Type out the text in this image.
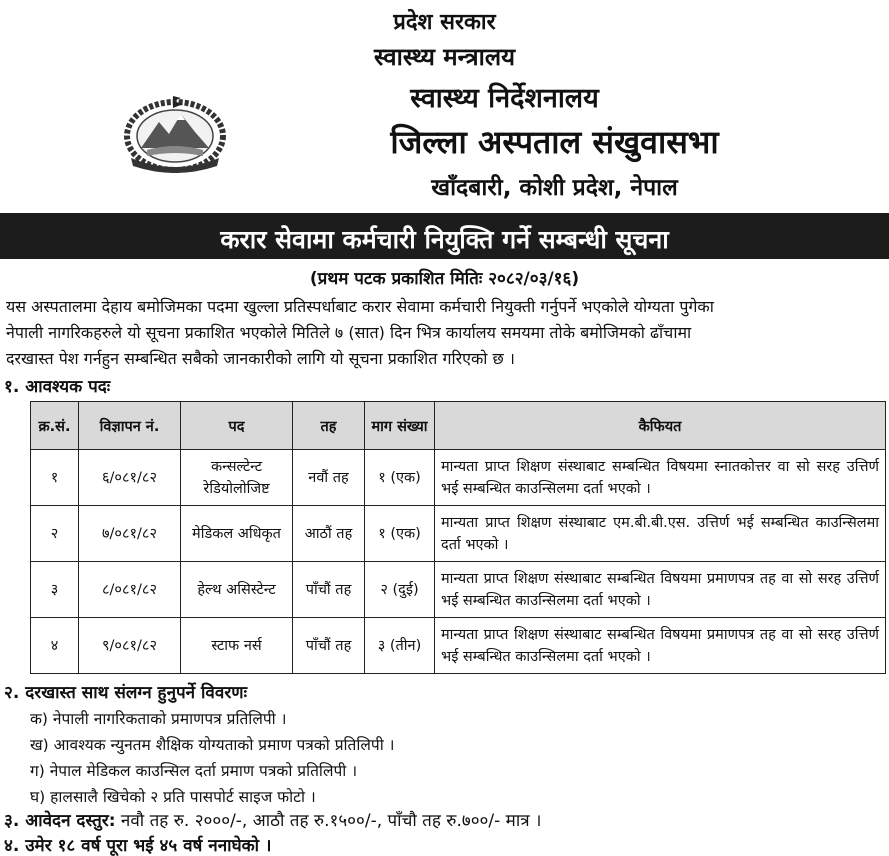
प्रदेश सरकार
स्वास्थ्य मन्त्रालय
स्वास्थ्य निर्देशनालय
जिल्ला अस्पताल संखुवासभा
खाँदबारी, कोशी प्रदेश, नेपाल
करार सेवामा कर्मचारी नियुक्ति गर्ने सम्बन्धी सूचना
(प्रथम पटक प्रकाशित मितिः २०८२/०३/१६)
यस अस्पतालमा देहाय बमोजिमका पदमा खुल्ला प्रतिस्पर्धाबाट करार सेवामा कर्मचारी नियुक्ती गर्नुपर्ने भएकोले योग्यता पुगेका
नेपाली नागरिकहरुले यो सूचना प्रकाशित भएकोले मितिले ७ (सात) दिन भित्र कार्यालय समयमा तोके बमोजिमको ढाँचामा
दरखास्त पेश गर्नहुन सम्बन्धित सबैको जानकारीको लागि यो सूचना प्रकाशित गरिएको छ ।
१. आवश्यक पदः
क्र.सं.	विज्ञापन नं.	पद	तह	माग संख्या	कैफियत
१	६/०८१/८२	कन्सल्टेन्ट रेडियोलोजिष्ट	नवौं तह	१ (एक)	मान्यता प्राप्त शिक्षण संस्थाबाट सम्बन्धित विषयमा स्नातकोत्तर वा सो सरह उत्तिर्ण भई सम्बन्धित काउन्सिलमा दर्ता भएको ।
२	७/०८१/८२	मेडिकल अधिकृत	आठौं तह	१ (एक)	मान्यता प्राप्त शिक्षण संस्थाबाट एम.बी.बी.एस. उत्तिर्ण भई सम्बन्धित काउन्सिलमा दर्ता भएको ।
३	८/०८१/८२	हेल्थ असिस्टेन्ट	पाँचौं तह	२ (दुई)	मान्यता प्राप्त शिक्षण संस्थाबाट सम्बन्धित विषयमा प्रमाणपत्र तह वा सो सरह उत्तिर्ण भई सम्बन्धित काउन्सिलमा दर्ता भएको ।
४	९/०८१/८२	स्टाफ नर्स	पाँचौं तह	३ (तीन)	मान्यता प्राप्त शिक्षण संस्थाबाट सम्बन्धित विषयमा प्रमाणपत्र तह वा सो सरह उत्तिर्ण भई सम्बन्धित काउन्सिलमा दर्ता भएको ।
२. दरखास्त साथ संलग्न हुनुपर्ने विवरणः
क) नेपाली नागरिकताको प्रमाणपत्र प्रतिलिपी ।
ख) आवश्यक न्युनतम शैक्षिक योग्यताको प्रमाण पत्रको प्रतिलिपी ।
ग) नेपाल मेडिकल काउन्सिल दर्ता प्रमाण पत्रको प्रतिलिपी ।
घ) हालसालै खिचेको २ प्रति पासपोर्ट साइज फोटो ।
३. आवेदन दस्तुर: नवौ तह रु. २०००/-, आठौ तह रु.१५००/-, पाँचौ तह रु.७००/- मात्र ।
४. उमेर १८ वर्ष पूरा भई ४५ वर्ष ननाघेको ।
